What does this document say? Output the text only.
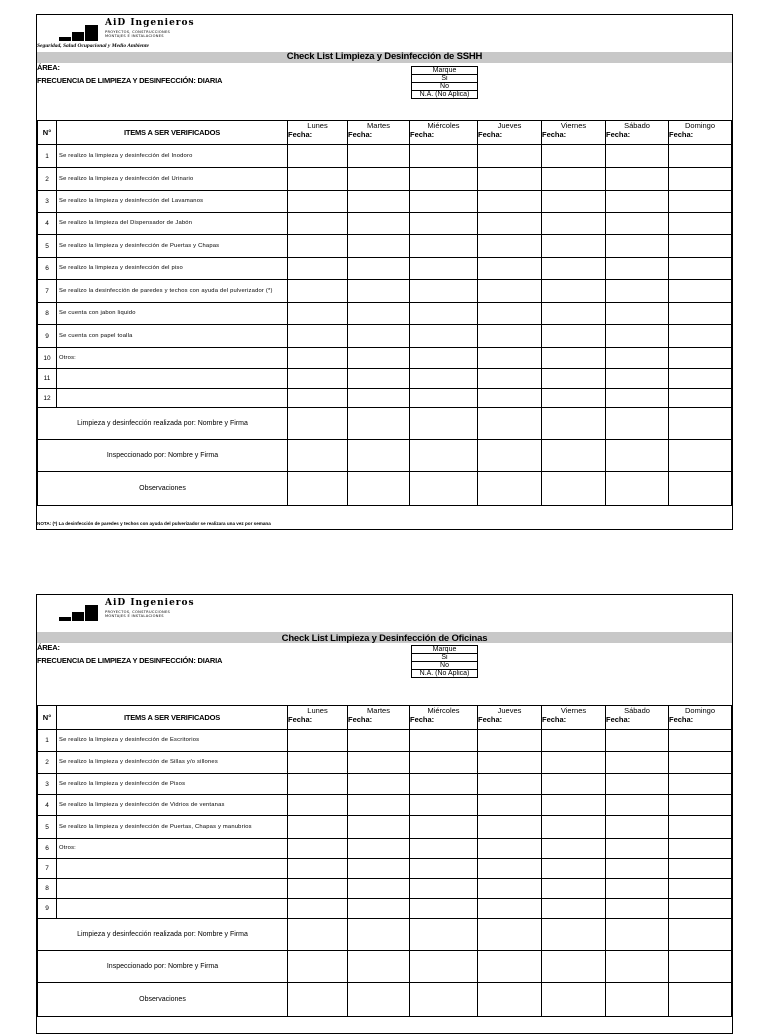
AiD Ingenieros
PROYECTOS, CONSTRUCCIONES
MONTAJES E INSTALACIONES
Seguridad, Salud Ocupacional y Medio Ambiente
Check List Limpieza y Desinfección de SSHH
ÁREA:
FRECUENCIA DE LIMPIEZA Y DESINFECCIÓN: DIARIA
Marque
Si
No
N.A. (No Aplica)
N°	ITEMS A SER VERIFICADOS	Lunes	Martes	Miércoles	Jueves	Viernes	Sábado	Domingo
		Fecha:	Fecha:	Fecha:	Fecha:	Fecha:	Fecha:	Fecha:
1	Se realizo la limpieza y desinfección del Inodoro							
2	Se realizo la limpieza y desinfección del Urinario							
3	Se realizo la limpieza y desinfección del Lavamanos							
4	Se realizo la limpieza del Dispensador de Jabón							
5	Se realizo la limpieza y desinfección de Puertas y Chapas							
6	Se realizo la limpieza y desinfección del piso							
7	Se realizo la desinfección de paredes y techos con ayuda del pulverizador (*)							
8	Se cuenta con jabon liquido							
9	Se cuenta con papel toalla							
10	Otros:							
11								
12								
Limpieza y desinfección realizada por: Nombre y Firma								
Inspeccionado por: Nombre y Firma								
Observaciones								
NOTA: (*) La desinfección de paredes y techos con ayuda del pulverizador se realizara una vez por semana
AiD Ingenieros
PROYECTOS, CONSTRUCCIONES
MONTAJES E INSTALACIONES
Check List Limpieza y Desinfección de Oficinas
ÁREA:
FRECUENCIA DE LIMPIEZA Y DESINFECCIÓN: DIARIA
Marque
Si
No
N.A. (No Aplica)
N°	ITEMS A SER VERIFICADOS	Lunes	Martes	Miércoles	Jueves	Viernes	Sábado	Domingo
		Fecha:	Fecha:	Fecha:	Fecha:	Fecha:	Fecha:	Fecha:
1	Se realizo la limpieza y desinfección de Escritorios							
2	Se realizo la limpieza y desinfección de Sillas y/o sillones							
3	Se realizo la limpieza y desinfección de Pisos							
4	Se realizo la limpieza y desinfección de Vidrios de ventanas							
5	Se realizo la limpieza y desinfección de Puertas, Chapas y manubrios							
6	Otros:							
7								
8								
9								
Limpieza y desinfección realizada por: Nombre y Firma								
Inspeccionado por: Nombre y Firma								
Observaciones								
